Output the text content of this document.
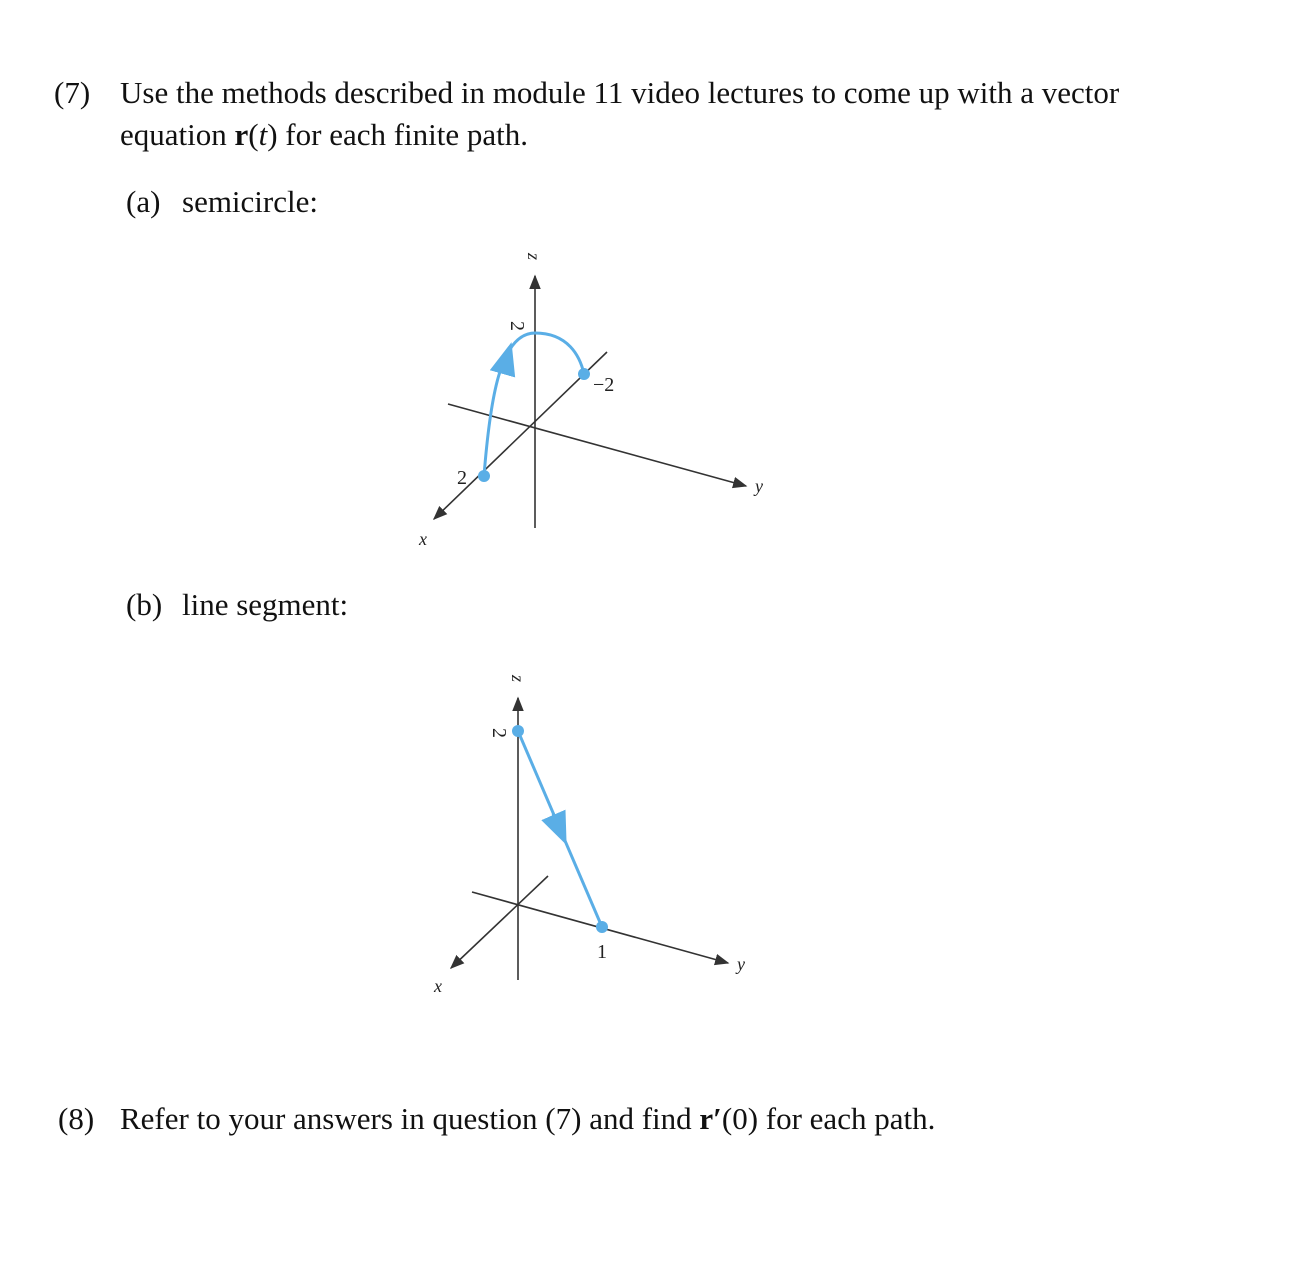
(7) Use the methods described in module 11 video lectures to come up with a vector
equation r(t) for each finite path.
(a) semicircle:
z
y
x
2
2
−2
(b) line segment:
z
y
x
2
1
(8) Refer to your answers in question (7) and find r′(0) for each path.
